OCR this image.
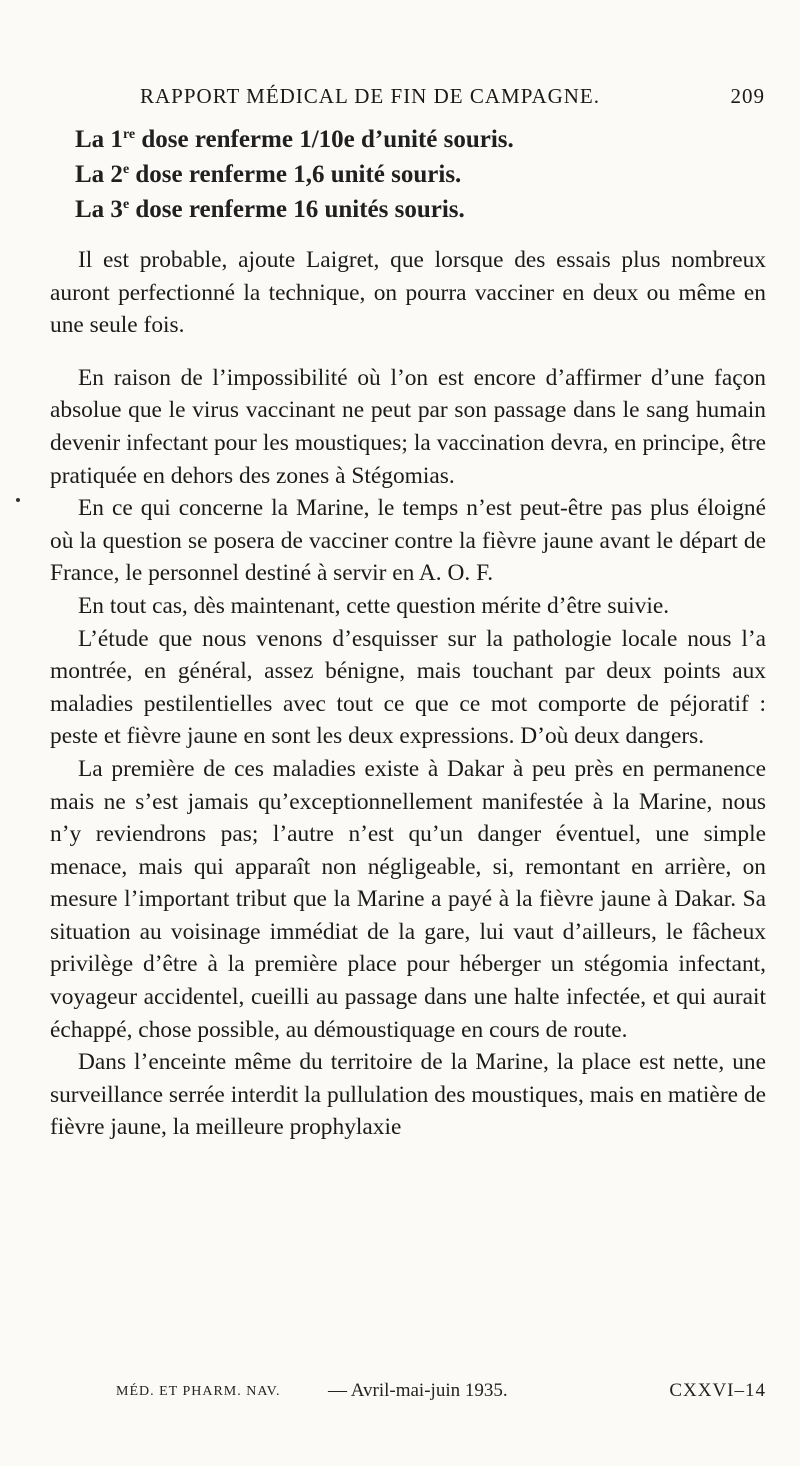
RAPPORT MÉDICAL DE FIN DE CAMPAGNE.	209
La 1re dose renferme 1/10e d’unité souris.
La 2e dose renferme 1,6 unité souris.
La 3e dose renferme 16 unités souris.

Il est probable, ajoute Laigret, que lorsque des essais plus nombreux auront perfectionné la technique, on pourra vacciner en deux ou même en une seule fois.

En raison de l’impossibilité où l’on est encore d’affirmer d’une façon absolue que le virus vaccinant ne peut par son passage dans le sang humain devenir infectant pour les moustiques; la vaccination devra, en principe, être pratiquée en dehors des zones à Stégomias.

En ce qui concerne la Marine, le temps n’est peut-être pas plus éloigné où la question se posera de vacciner contre la fièvre jaune avant le départ de France, le personnel destiné à servir en A. O. F.

En tout cas, dès maintenant, cette question mérite d’être suivie.

L’étude que nous venons d’esquisser sur la pathologie locale nous l’a montrée, en général, assez bénigne, mais touchant par deux points aux maladies pestilentielles avec tout ce que ce mot comporte de péjoratif : peste et fièvre jaune en sont les deux expressions. D’où deux dangers.

La première de ces maladies existe à Dakar à peu près en permanence mais ne s’est jamais qu’exceptionnellement manifestée à la Marine, nous n’y reviendrons pas; l’autre n’est qu’un danger éventuel, une simple menace, mais qui apparaît non négligeable, si, remontant en arrière, on mesure l’important tribut que la Marine a payé à la fièvre jaune à Dakar. Sa situation au voisinage immédiat de la gare, lui vaut d’ailleurs, le fâcheux privilège d’être à la première place pour héberger un stégomia infectant, voyageur accidentel, cueilli au passage dans une halte infectée, et qui aurait échappé, chose possible, au démoustiquage en cours de route.

Dans l’enceinte même du territoire de la Marine, la place est nette, une surveillance serrée interdit la pullulation des moustiques, mais en matière de fièvre jaune, la meilleure prophylaxie

MÉD. ET PHARM. NAV.	— Avril-mai-juin 1935.	CXXVI–14
